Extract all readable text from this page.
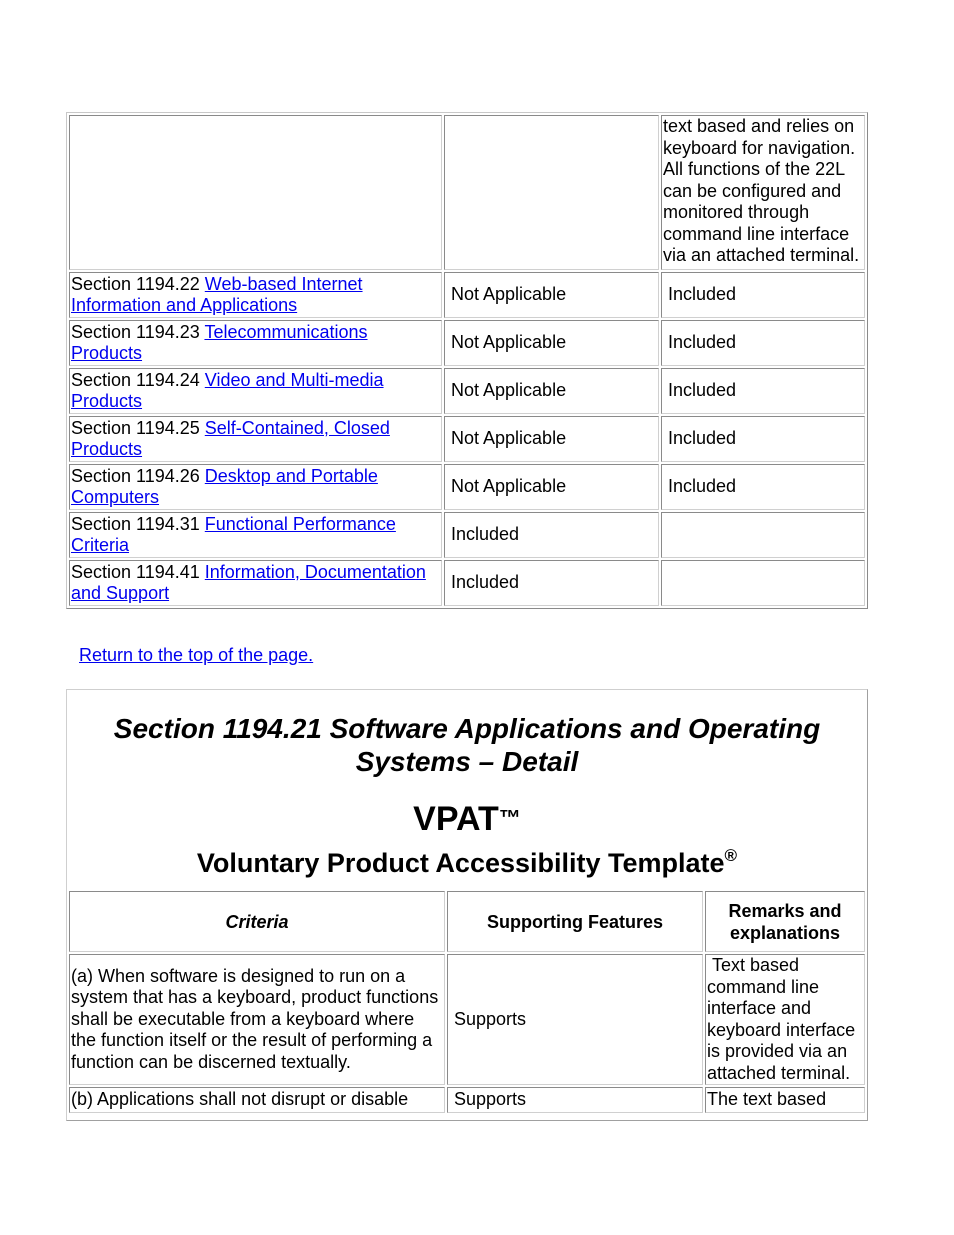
		text based and relies on keyboard for navigation. All functions of the 22L can be configured and monitored through command line interface via an attached terminal.
Section 1194.22 Web-based Internet Information and Applications	Not Applicable	Included
Section 1194.23 Telecommunications Products	Not Applicable	Included
Section 1194.24 Video and Multi-media Products	Not Applicable	Included
Section 1194.25 Self-Contained, Closed Products	Not Applicable	Included
Section 1194.26 Desktop and Portable Computers	Not Applicable	Included
Section 1194.31 Functional Performance Criteria	Included	
Section 1194.41 Information, Documentation and Support	Included	
Return to the top of the page.
Section 1194.21 Software Applications and Operating Systems – Detail
VPAT™
Voluntary Product Accessibility Template®
Criteria	Supporting Features	Remarks and explanations
(a) When software is designed to run on a system that has a keyboard, product functions shall be executable from a keyboard where the function itself or the result of performing a function can be discerned textually.	Supports	Text based command line interface and keyboard interface is provided via an attached terminal.
(b) Applications shall not disrupt or disable	Supports	The text based
